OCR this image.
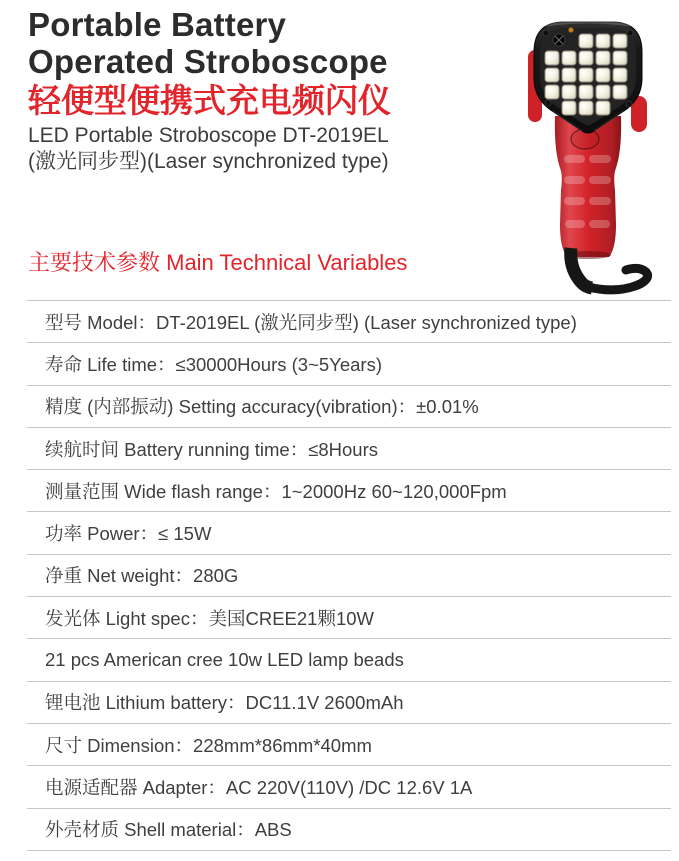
Portable Battery
Operated Stroboscope
轻便型便携式充电频闪仪
LED Portable Stroboscope DT-2019EL
(激光同步型)(Laser synchronized type)
主要技术参数 Main Technical Variables
型号 Model：DT-2019EL (激光同步型) (Laser synchronized type)
寿命 Life time：≤30000Hours (3~5Years)
精度 (内部振动) Setting accuracy(vibration)：±0.01%
续航时间 Battery running time：≤8Hours
测量范围 Wide flash range：1~2000Hz 60~120,000Fpm
功率 Power：≤ 15W
净重 Net weight：280G
发光体 Light spec：美国CREE21颗10W
21 pcs American cree 10w LED lamp beads
锂电池 Lithium battery：DC11.1V 2600mAh
尺寸 Dimension：228mm*86mm*40mm
电源适配器 Adapter：AC 220V(110V) /DC 12.6V 1A
外壳材质 Shell material：ABS
